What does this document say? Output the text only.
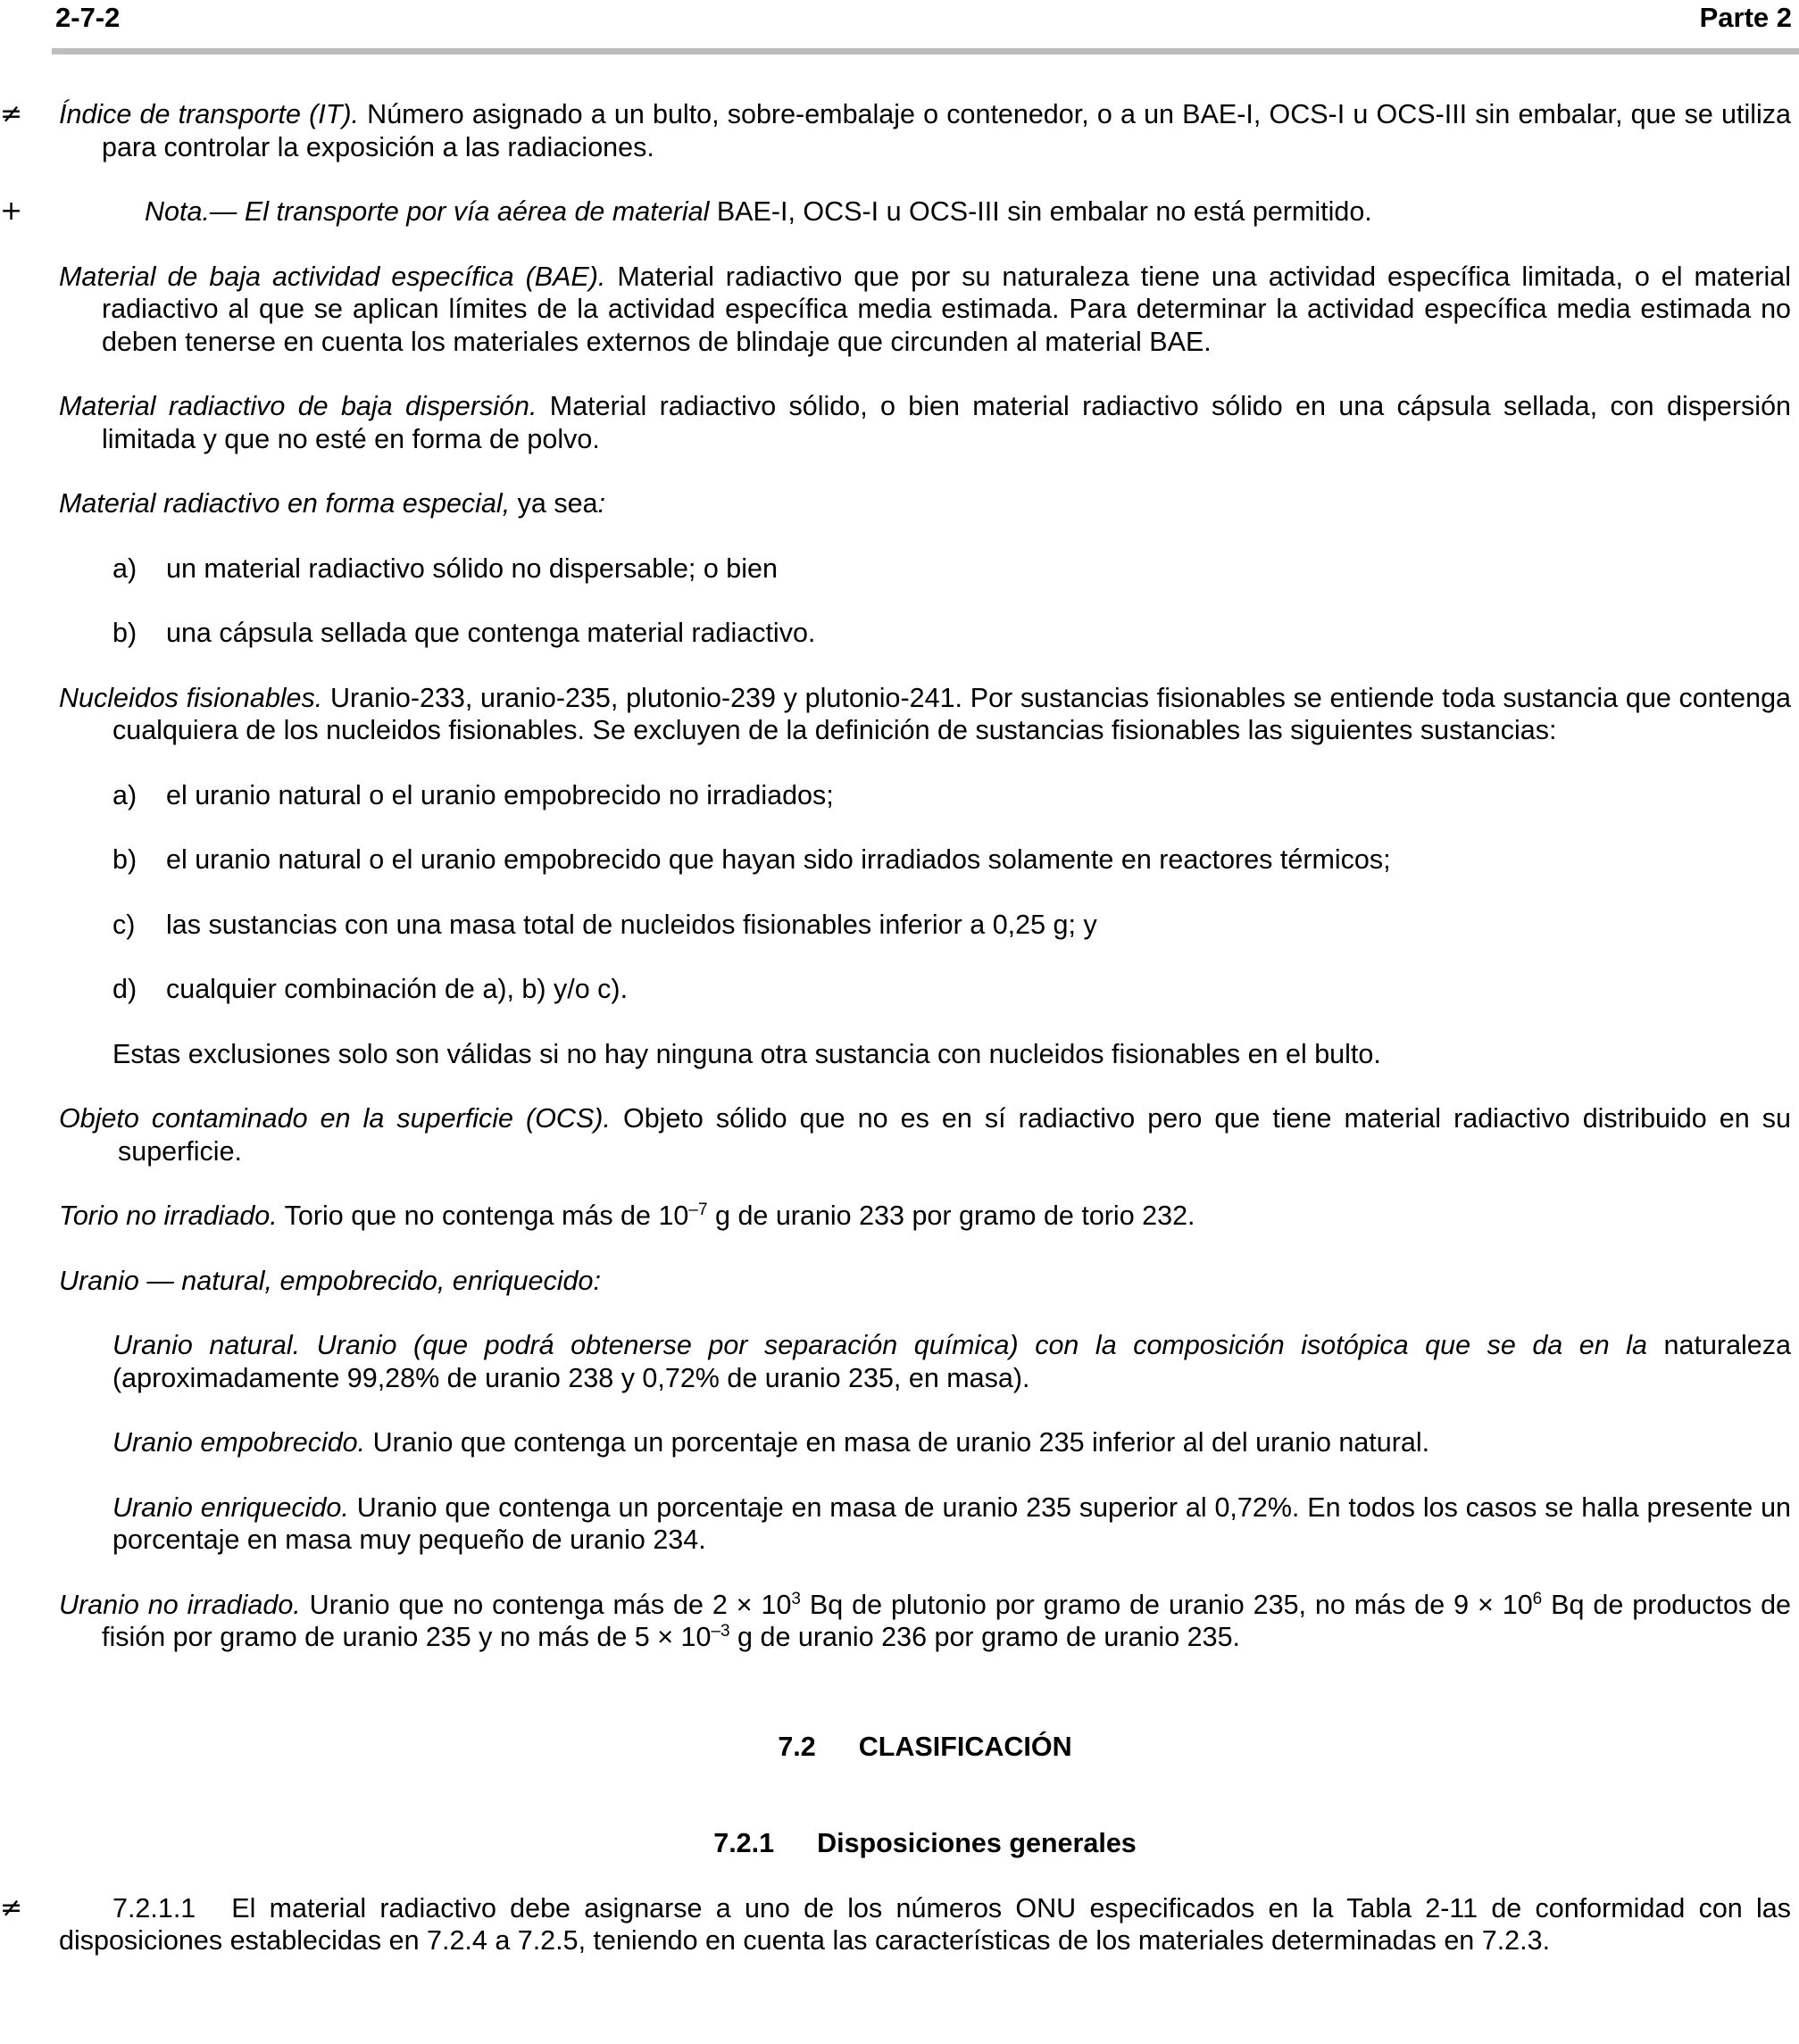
2-7-2	Parte 2
≠ Índice de transporte (IT). Número asignado a un bulto, sobre-embalaje o contenedor, o a un BAE-I, OCS-I u OCS-III sin embalar, que se utiliza para controlar la exposición a las radiaciones.
+	Nota.— El transporte por vía aérea de material BAE-I, OCS-I u OCS-III sin embalar no está permitido.
Material de baja actividad específica (BAE). Material radiactivo que por su naturaleza tiene una actividad específica limitada, o el material radiactivo al que se aplican límites de la actividad específica media estimada. Para determinar la actividad específica media estimada no deben tenerse en cuenta los materiales externos de blindaje que circunden al material BAE.
Material radiactivo de baja dispersión. Material radiactivo sólido, o bien material radiactivo sólido en una cápsula sellada, con dispersión limitada y que no esté en forma de polvo.
Material radiactivo en forma especial, ya sea:
a) un material radiactivo sólido no dispersable; o bien
b) una cápsula sellada que contenga material radiactivo.
Nucleidos fisionables. Uranio-233, uranio-235, plutonio-239 y plutonio-241. Por sustancias fisionables se entiende toda sustancia que contenga cualquiera de los nucleidos fisionables. Se excluyen de la definición de sustancias fisionables las siguientes sustancias:
a) el uranio natural o el uranio empobrecido no irradiados;
b) el uranio natural o el uranio empobrecido que hayan sido irradiados solamente en reactores térmicos;
c) las sustancias con una masa total de nucleidos fisionables inferior a 0,25 g; y
d) cualquier combinación de a), b) y/o c).
Estas exclusiones solo son válidas si no hay ninguna otra sustancia con nucleidos fisionables en el bulto.
Objeto contaminado en la superficie (OCS). Objeto sólido que no es en sí radiactivo pero que tiene material radiactivo distribuido en su superficie.
Torio no irradiado. Torio que no contenga más de $10^{-7}$ g de uranio 233 por gramo de torio 232.
Uranio — natural, empobrecido, enriquecido:
Uranio natural. Uranio (que podrá obtenerse por separación química) con la composición isotópica que se da en la naturaleza (aproximadamente 99,28% de uranio 238 y 0,72% de uranio 235, en masa).
Uranio empobrecido. Uranio que contenga un porcentaje en masa de uranio 235 inferior al del uranio natural.
Uranio enriquecido. Uranio que contenga un porcentaje en masa de uranio 235 superior al 0,72%. En todos los casos se halla presente un porcentaje en masa muy pequeño de uranio 234.
Uranio no irradiado. Uranio que no contenga más de $2 \times 10^3$ Bq de plutonio por gramo de uranio 235, no más de $9 \times 10^6$ Bq de productos de fisión por gramo de uranio 235 y no más de $5 \times 10^{-3}$ g de uranio 236 por gramo de uranio 235.
7.2 CLASIFICACIÓN
7.2.1 Disposiciones generales
≠	7.2.1.1 El material radiactivo debe asignarse a uno de los números ONU especificados en la Tabla 2-11 de conformidad con las disposiciones establecidas en 7.2.4 a 7.2.5, teniendo en cuenta las características de los materiales determinadas en 7.2.3.
